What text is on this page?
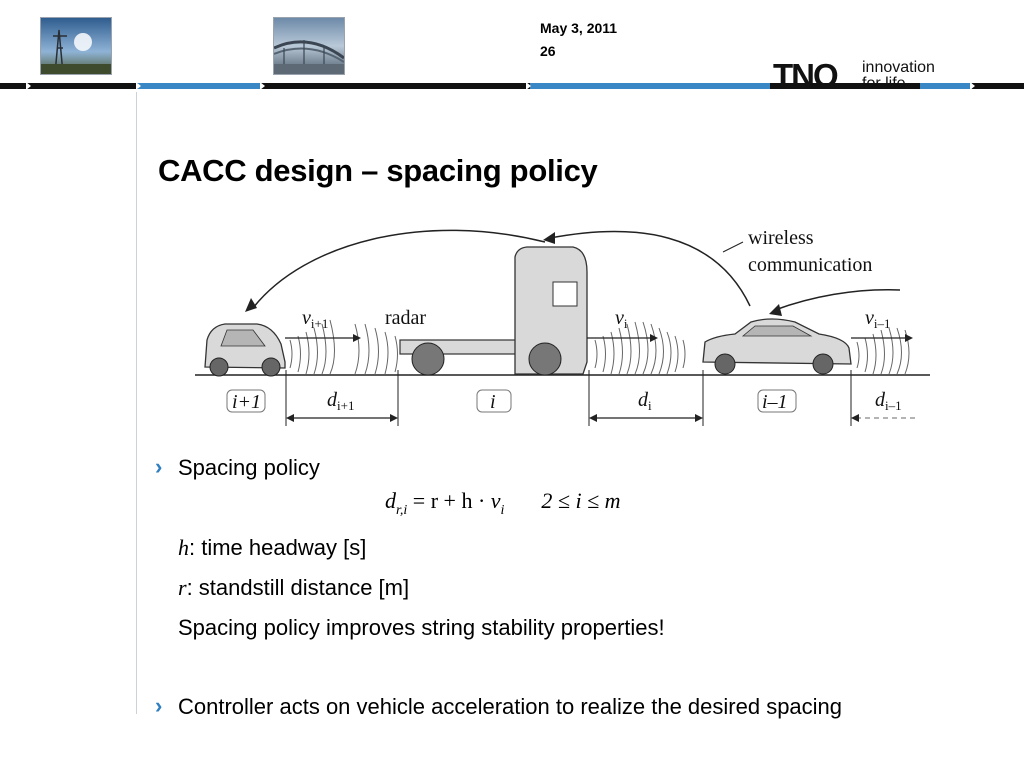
May 3, 2011
26
TNO innovation
for life
CACC design – spacing policy
wireless
communication
$v_{i+1}$	radar	$v_i$	$v_{i-1}$
i+1	i	i–1
$d_{i+1}$	$d_i$	$d_{i-1}$
› Spacing policy
$d_{r,i} = r + h \cdot v_i$ 2 ≤ i ≤ m
h: time headway [s]
r: standstill distance [m]
Spacing policy improves string stability properties!
› Controller acts on vehicle acceleration to realize the desired spacing
